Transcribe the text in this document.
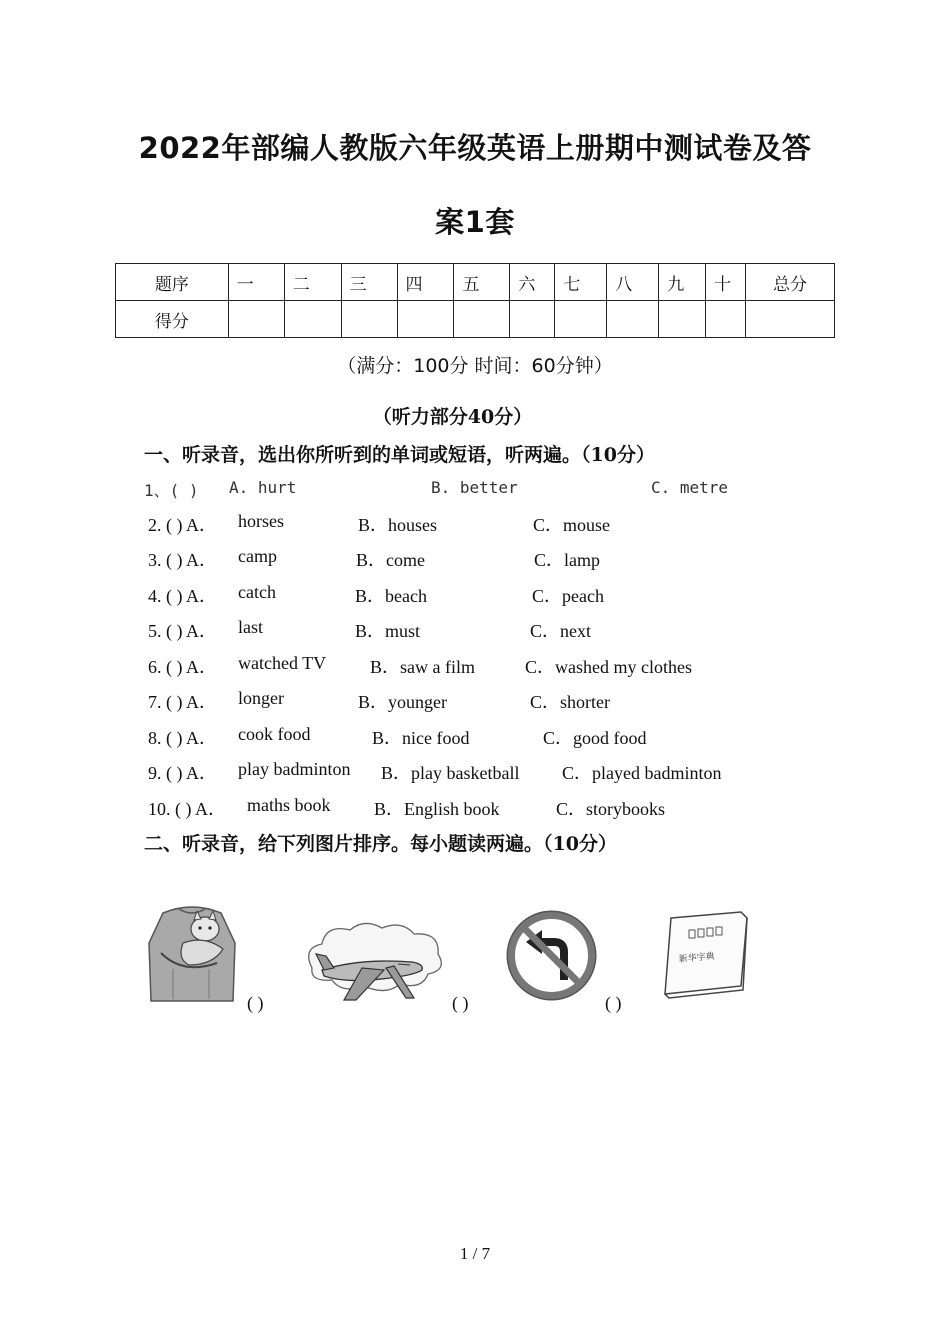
2022年部编人教版六年级英语上册期中测试卷及答
案1套
题序	一	二	三	四	五	六	七	八	九	十	总分
得分											
（满分：100分 时间：60分钟）
（听力部分40分）
一、听录音，选出你所听到的单词或短语，听两遍。（10分）
1、( ) A. hurt	B. better	C. metre
2. ( ) A． horses	B．houses	C．mouse
3. ( ) A． camp	B．come	C．lamp
4. ( ) A． catch	B．beach	C．peach
5. ( ) A． last	B．must	C．next
6. ( ) A． watched TV B．saw a film	C．washed my clothes
7. ( ) A． longer	B．younger	C．shorter
8. ( ) A． cook food	B．nice food	C．good food
9. ( ) A． play badminton B．play basketball C．played badminton
10. ( ) A． maths book B．English book	C．storybooks
二、听录音，给下列图片排序。每小题读两遍。（10分）
( )	( )	( )
新华字典
1 / 7
